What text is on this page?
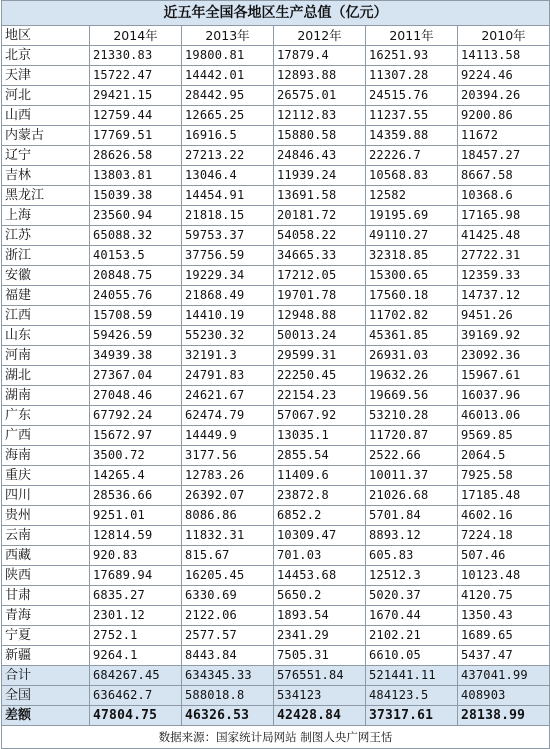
近五年全国各地区生产总值（亿元）					
地区	2014年	2013年	2012年	2011年	2010年
北京	21330.83	19800.81	17879.4	16251.93	14113.58
天津	15722.47	14442.01	12893.88	11307.28	9224.46
河北	29421.15	28442.95	26575.01	24515.76	20394.26
山西	12759.44	12665.25	12112.83	11237.55	9200.86
内蒙古	17769.51	16916.5	15880.58	14359.88	11672
辽宁	28626.58	27213.22	24846.43	22226.7	18457.27
吉林	13803.81	13046.4	11939.24	10568.83	8667.58
黑龙江	15039.38	14454.91	13691.58	12582	10368.6
上海	23560.94	21818.15	20181.72	19195.69	17165.98
江苏	65088.32	59753.37	54058.22	49110.27	41425.48
浙江	40153.5	37756.59	34665.33	32318.85	27722.31
安徽	20848.75	19229.34	17212.05	15300.65	12359.33
福建	24055.76	21868.49	19701.78	17560.18	14737.12
江西	15708.59	14410.19	12948.88	11702.82	9451.26
山东	59426.59	55230.32	50013.24	45361.85	39169.92
河南	34939.38	32191.3	29599.31	26931.03	23092.36
湖北	27367.04	24791.83	22250.45	19632.26	15967.61
湖南	27048.46	24621.67	22154.23	19669.56	16037.96
广东	67792.24	62474.79	57067.92	53210.28	46013.06
广西	15672.97	14449.9	13035.1	11720.87	9569.85
海南	3500.72	3177.56	2855.54	2522.66	2064.5
重庆	14265.4	12783.26	11409.6	10011.37	7925.58
四川	28536.66	26392.07	23872.8	21026.68	17185.48
贵州	9251.01	8086.86	6852.2	5701.84	4602.16
云南	12814.59	11832.31	10309.47	8893.12	7224.18
西藏	920.83	815.67	701.03	605.83	507.46
陕西	17689.94	16205.45	14453.68	12512.3	10123.48
甘肃	6835.27	6330.69	5650.2	5020.37	4120.75
青海	2301.12	2122.06	1893.54	1670.44	1350.43
宁夏	2752.1	2577.57	2341.29	2102.21	1689.65
新疆	9264.1	8443.84	7505.31	6610.05	5437.47
合计	684267.45	634345.33	576551.84	521441.11	437041.99
全国	636462.7	588018.8	534123	484123.5	408903
差额	47804.75	46326.53	42428.84	37317.61	28138.99
数据来源：国家统计局网站 制图人央广网王恬					
